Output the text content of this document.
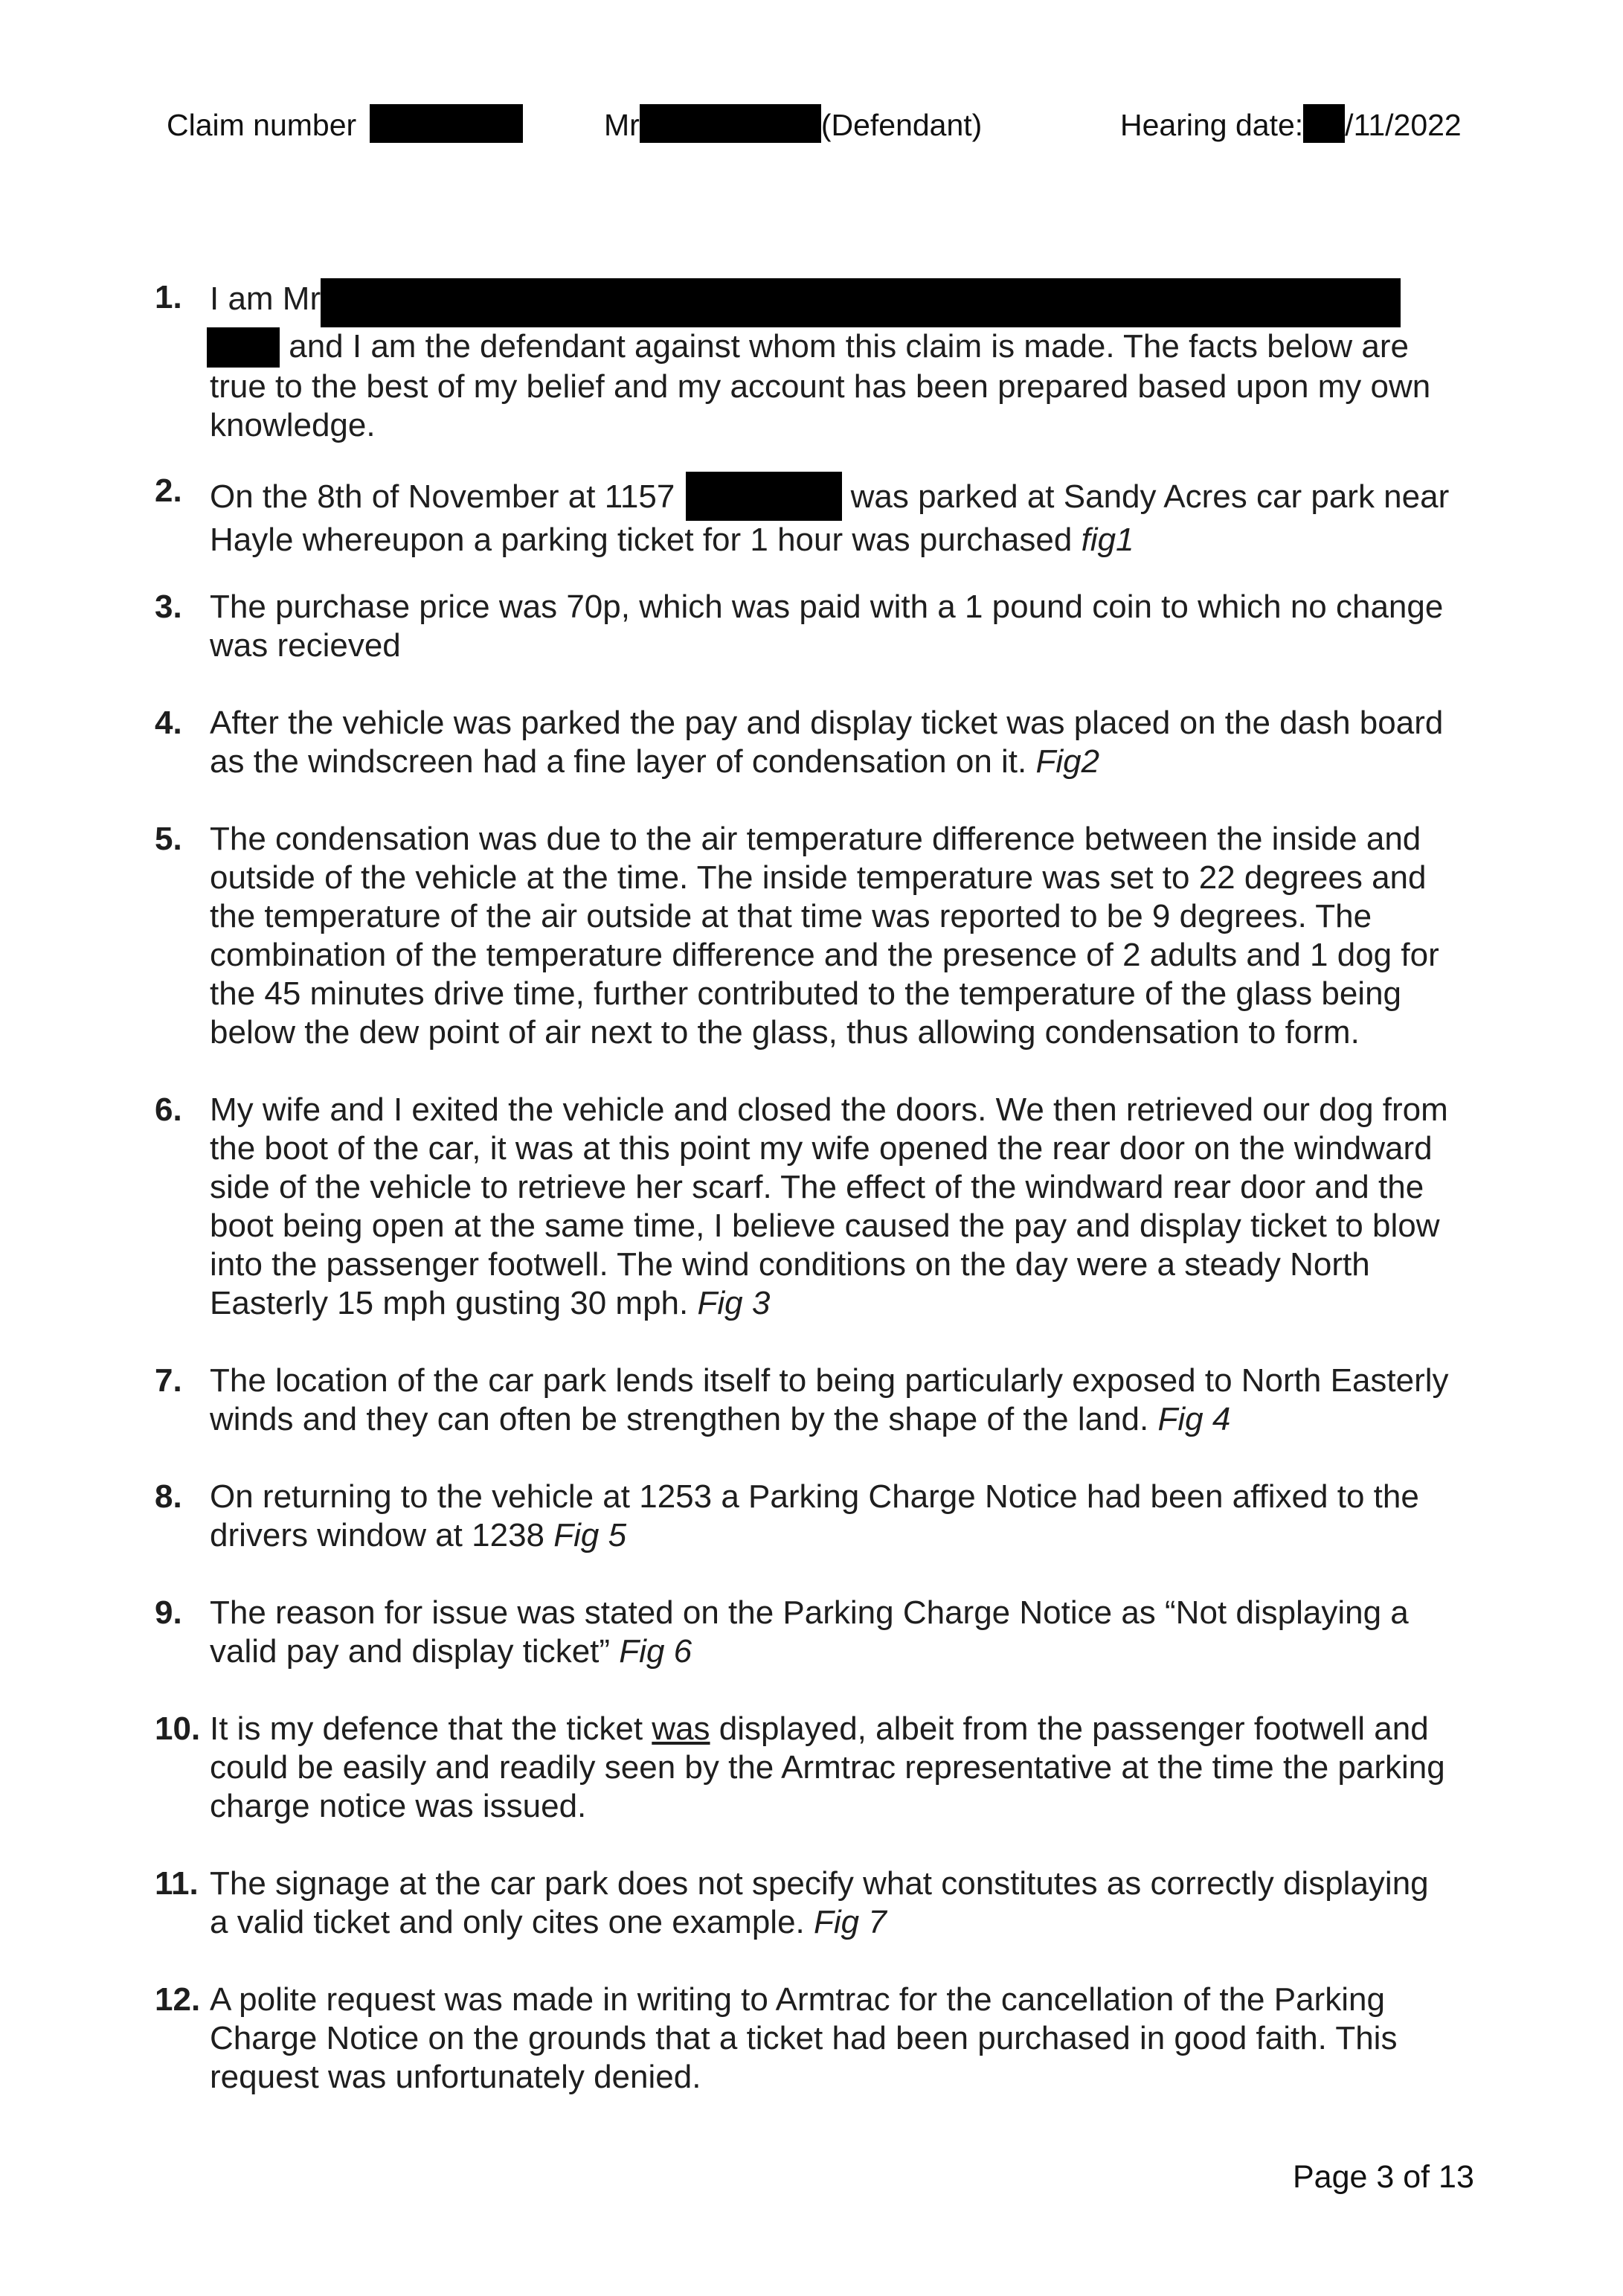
Claim number	Mr	(Defendant)	Hearing date: /11/2022
1. I am Mr
and I am the defendant against whom this claim is made. The facts below are
true to the best of my belief and my account has been prepared based upon my own
knowledge.
2. On the 8th of November at 1157	was parked at Sandy Acres car park near
Hayle whereupon a parking ticket for 1 hour was purchased fig1
3. The purchase price was 70p, which was paid with a 1 pound coin to which no change
was recieved
4. After the vehicle was parked the pay and display ticket was placed on the dash board
as the windscreen had a fine layer of condensation on it. Fig2
5. The condensation was due to the air temperature difference between the inside and
outside of the vehicle at the time. The inside temperature was set to 22 degrees and
the temperature of the air outside at that time was reported to be 9 degrees. The
combination of the temperature difference and the presence of 2 adults and 1 dog for
the 45 minutes drive time, further contributed to the temperature of the glass being
below the dew point of air next to the glass, thus allowing condensation to form.
6. My wife and I exited the vehicle and closed the doors. We then retrieved our dog from
the boot of the car, it was at this point my wife opened the rear door on the windward
side of the vehicle to retrieve her scarf. The effect of the windward rear door and the
boot being open at the same time, I believe caused the pay and display ticket to blow
into the passenger footwell. The wind conditions on the day were a steady North
Easterly 15 mph gusting 30 mph. Fig 3
7. The location of the car park lends itself to being particularly exposed to North Easterly
winds and they can often be strengthen by the shape of the land. Fig 4
8. On returning to the vehicle at 1253 a Parking Charge Notice had been affixed to the
drivers window at 1238 Fig 5
9. The reason for issue was stated on the Parking Charge Notice as “Not displaying a
valid pay and display ticket” Fig 6
10. It is my defence that the ticket was displayed, albeit from the passenger footwell and
could be easily and readily seen by the Armtrac representative at the time the parking
charge notice was issued.
11. The signage at the car park does not specify what constitutes as correctly displaying
a valid ticket and only cites one example. Fig 7
12. A polite request was made in writing to Armtrac for the cancellation of the Parking
Charge Notice on the grounds that a ticket had been purchased in good faith. This
request was unfortunately denied.
Page 3 of 13
